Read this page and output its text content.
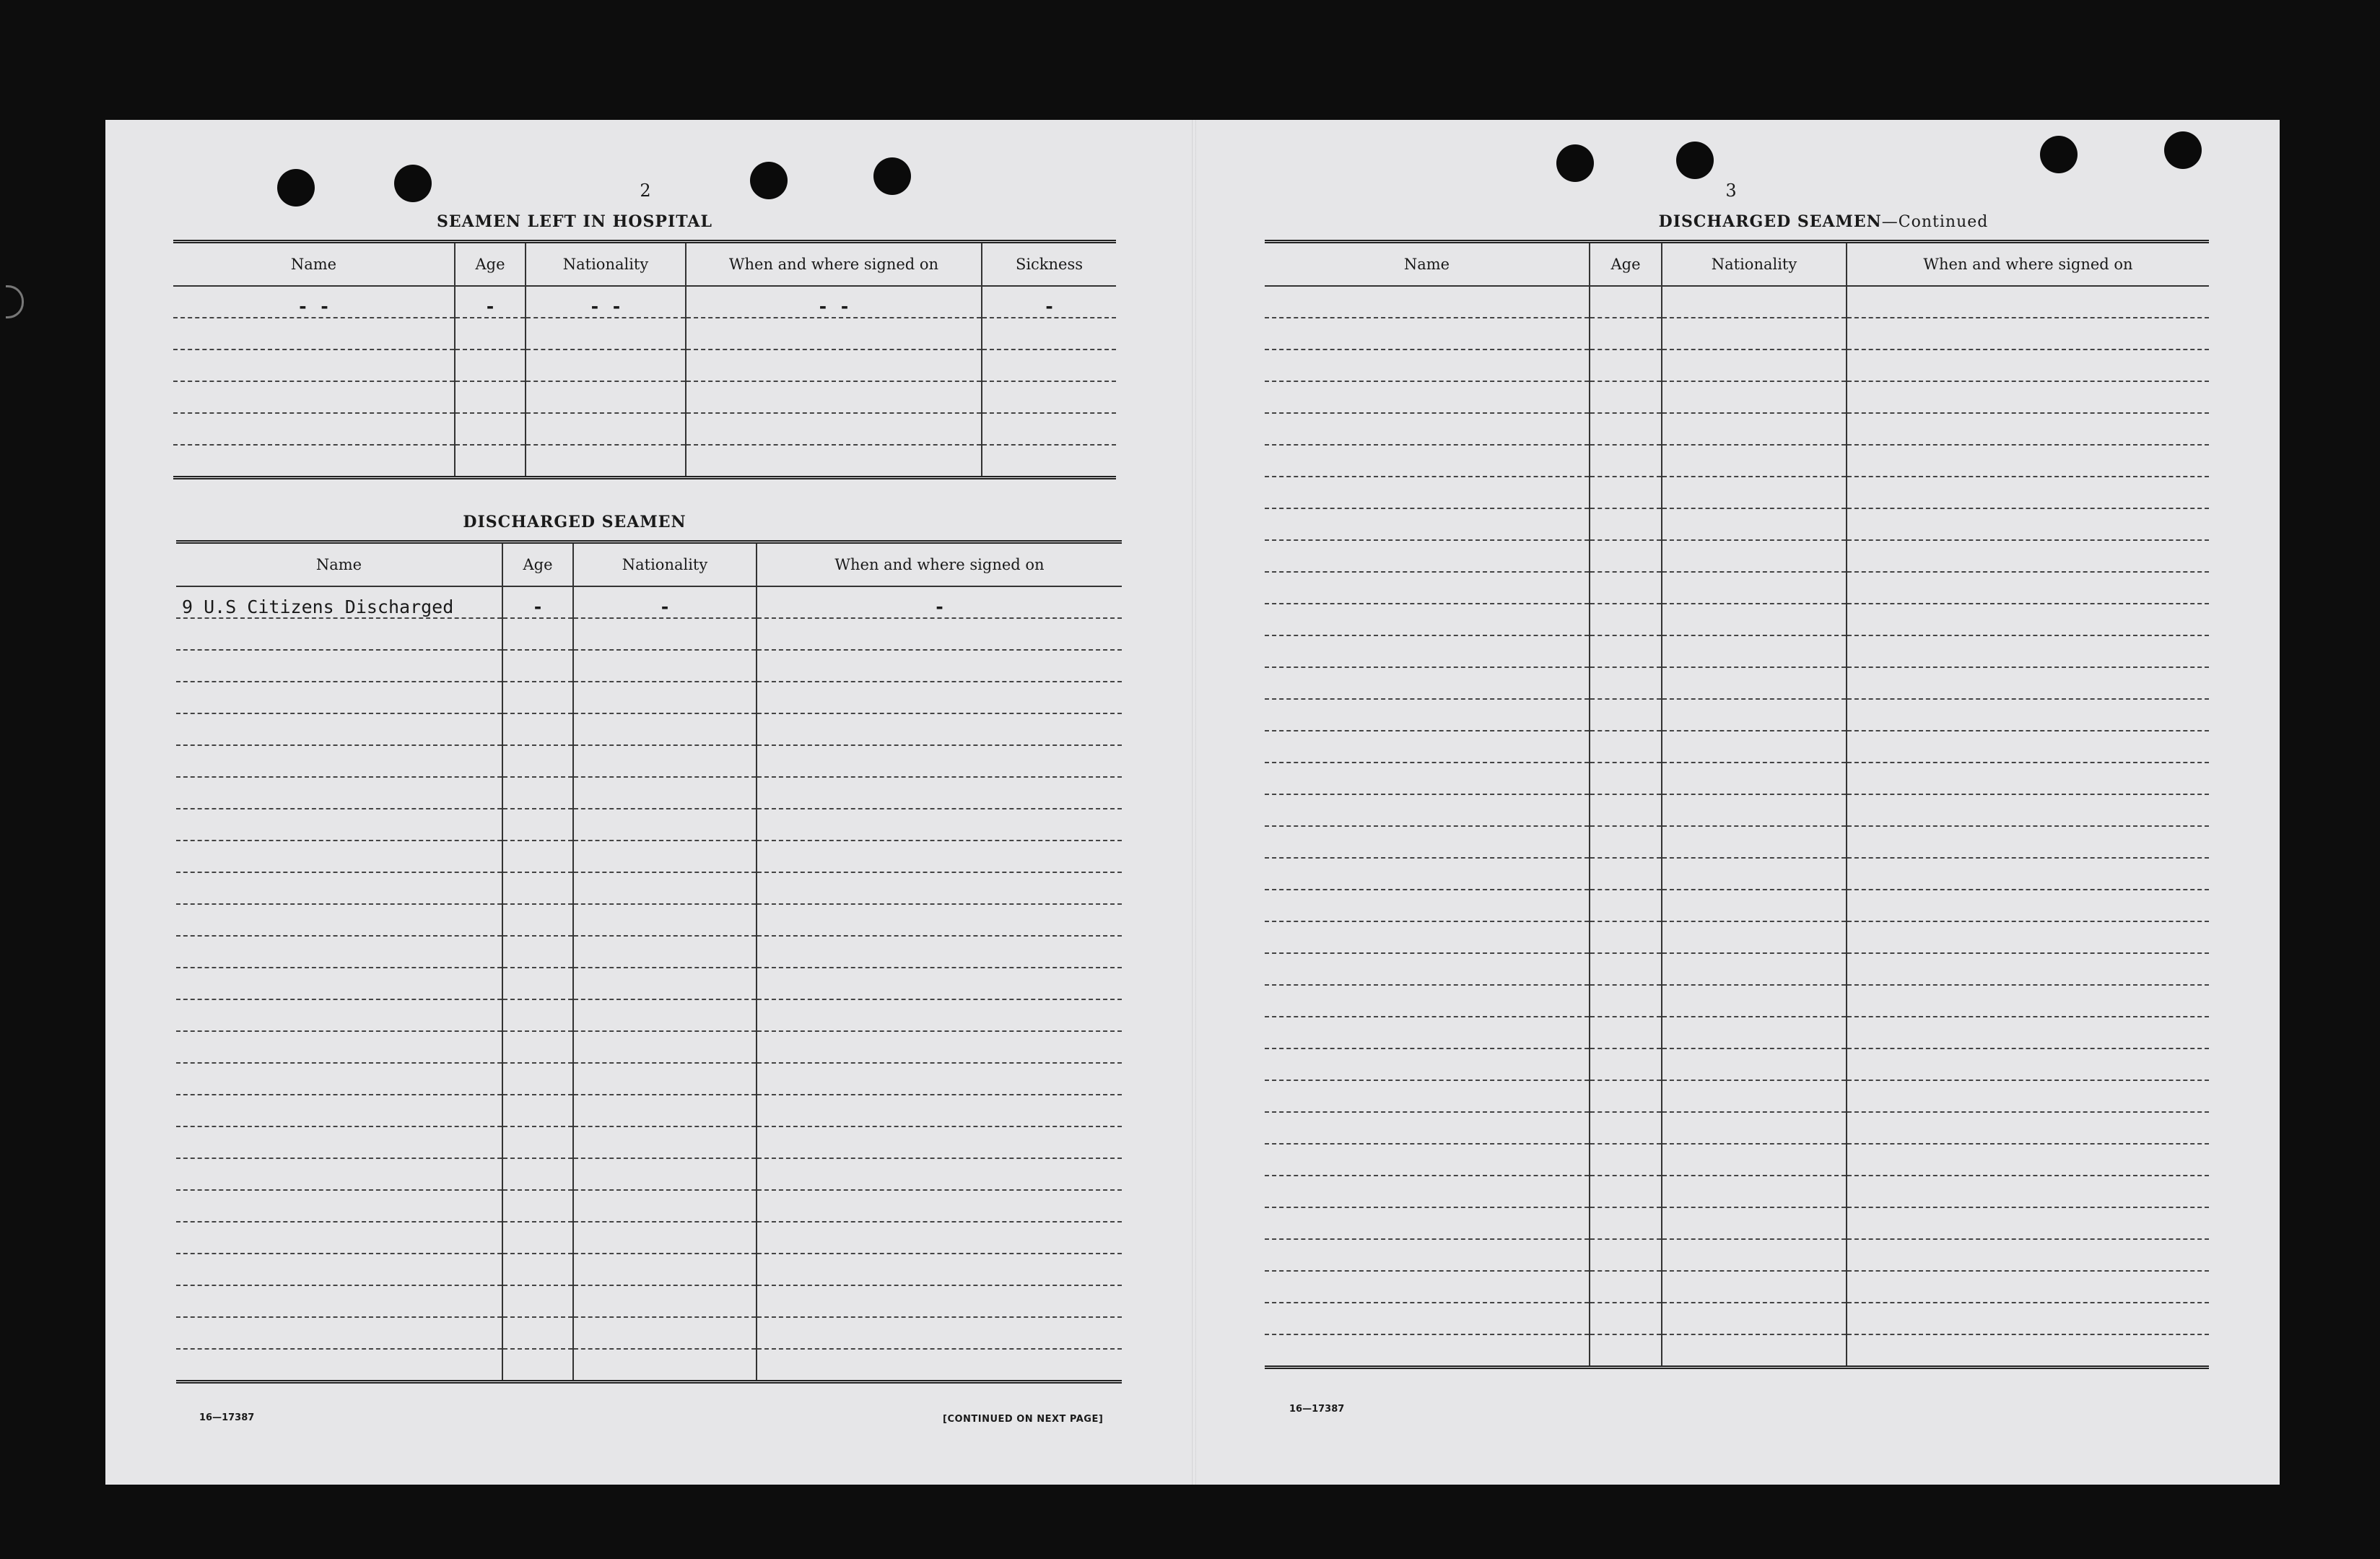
2
SEAMEN LEFT IN HOSPITAL
Name	Age	Nationality	When and where signed on	Sickness
- -	-	- -	- -	-

DISCHARGED SEAMEN
Name	Age	Nationality	When and where signed on
9 U.S Citizens Discharged	-	-	-

16—17387	[CONTINUED ON NEXT PAGE]
3
DISCHARGED SEAMEN—Continued
Name	Age	Nationality	When and where signed on

16—17387
